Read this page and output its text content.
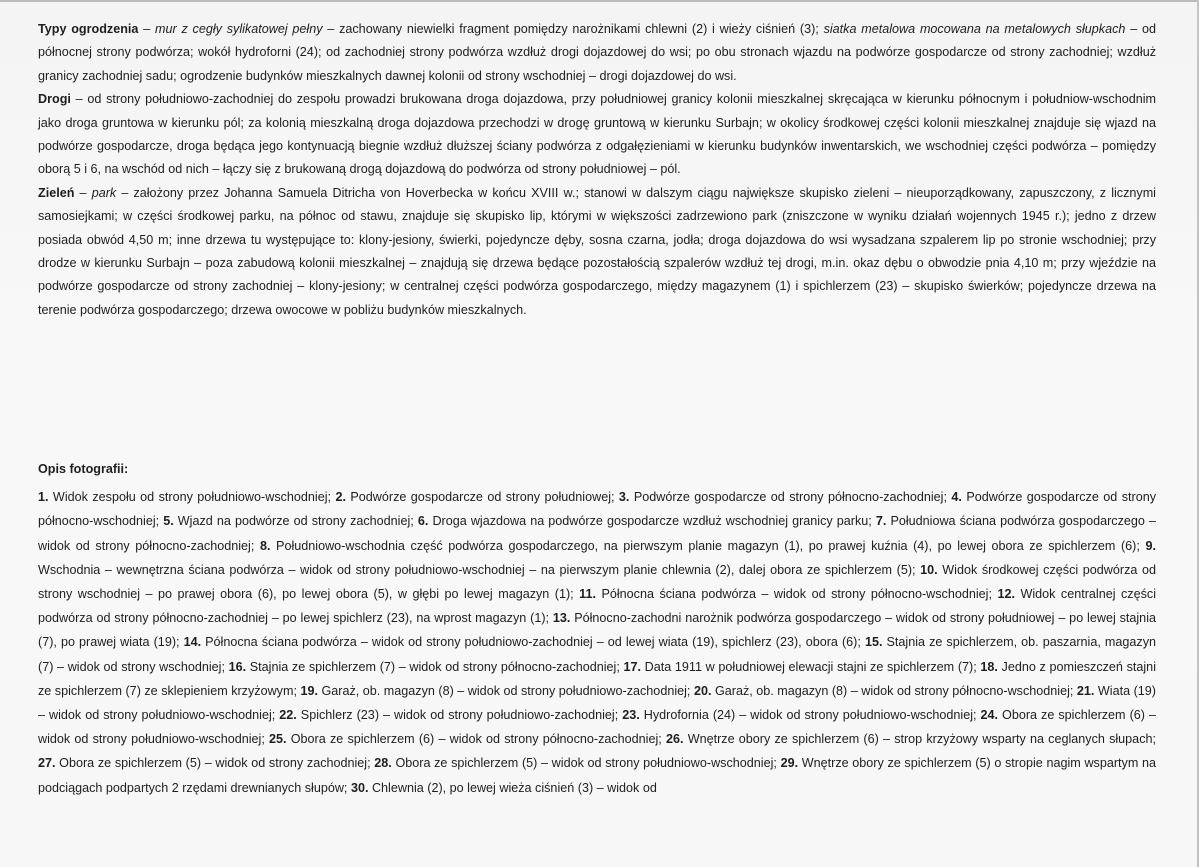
Typy ogrodzenia – mur z cegły sylikatowej pełny – zachowany niewielki fragment pomiędzy narożnikami chlewni (2) i wieży ciśnień (3); siatka metalowa mocowana na metalowych słupkach – od północnej strony podwórza; wokół hydroforni (24); od zachodniej strony podwórza wzdłuż drogi dojazdowej do wsi; po obu stronach wjazdu na podwórze gospodarcze od strony zachodniej; wzdłuż granicy zachodniej sadu; ogrodzenie budynków mieszkalnych dawnej kolonii od strony wschodniej – drogi dojazdowej do wsi.

Drogi – od strony południowo-zachodniej do zespołu prowadzi brukowana droga dojazdowa, przy południowej granicy kolonii mieszkalnej skręcająca w kierunku północnym i południow-wschodnim jako droga gruntowa w kierunku pól; za kolonią mieszkalną droga dojazdowa przechodzi w drogę gruntową w kierunku Surbajn; w okolicy środkowej części kolonii mieszkalnej znajduje się wjazd na podwórze gospodarcze, droga będąca jego kontynuacją biegnie wzdłuż dłuższej ściany podwórza z odgałęzieniami w kierunku budynków inwentarskich, we wschodniej części podwórza – pomiędzy oborą 5 i 6, na wschód od nich – łączy się z brukowaną drogą dojazdową do podwórza od strony południowej – pól.

Zieleń – park – założony przez Johanna Samuela Ditricha von Hoverbecka w końcu XVIII w.; stanowi w dalszym ciągu największe skupisko zieleni – nieuporządkowany, zapuszczony, z licznymi samosiejkami; w części środkowej parku, na północ od stawu, znajduje się skupisko lip, którymi w większości zadrzewiono park (zniszczone w wyniku działań wojennych 1945 r.); jedno z drzew posiada obwód 4,50 m; inne drzewa tu występujące to: klony-jesiony, świerki, pojedyncze dęby, sosna czarna, jodła; droga dojazdowa do wsi wysadzana szpalerem lip po stronie wschodniej; przy drodze w kierunku Surbajn – poza zabudową kolonii mieszkalnej – znajdują się drzewa będące pozostałością szpalerów wzdłuż tej drogi, m.in. okaz dębu o obwodzie pnia 4,10 m; przy wjeździe na podwórze gospodarcze od strony zachodniej – klony-jesiony; w centralnej części podwórza gospodarczego, między magazynem (1) i spichlerzem (23) – skupisko świerków; pojedyncze drzewa na terenie podwórza gospodarczego; drzewa owocowe w pobliżu budynków mieszkalnych.

Opis fotografii:

1. Widok zespołu od strony południowo-wschodniej; 2. Podwórze gospodarcze od strony południowej; 3. Podwórze gospodarcze od strony północno-zachodniej; 4. Podwórze gospodarcze od strony północno-wschodniej; 5. Wjazd na podwórze od strony zachodniej; 6. Droga wjazdowa na podwórze gospodarcze wzdłuż wschodniej granicy parku; 7. Południowa ściana podwórza gospodarczego – widok od strony północno-zachodniej; 8. Południowo-wschodnia część podwórza gospodarczego, na pierwszym planie magazyn (1), po prawej kuźnia (4), po lewej obora ze spichlerzem (6); 9. Wschodnia – wewnętrzna ściana podwórza – widok od strony południowo-wschodniej – na pierwszym planie chlewnia (2), dalej obora ze spichlerzem (5); 10. Widok środkowej części podwórza od strony wschodniej – po prawej obora (6), po lewej obora (5), w głębi po lewej magazyn (1); 11. Północna ściana podwórza – widok od strony północno-wschodniej; 12. Widok centralnej części podwórza od strony północno-zachodniej – po lewej spichlerz (23), na wprost magazyn (1); 13. Północno-zachodni narożnik podwórza gospodarczego – widok od strony południowej – po lewej stajnia (7), po prawej wiata (19); 14. Północna ściana podwórza – widok od strony południowo-zachodniej – od lewej wiata (19), spichlerz (23), obora (6); 15. Stajnia ze spichlerzem, ob. paszarnia, magazyn (7) – widok od strony wschodniej; 16. Stajnia ze spichlerzem (7) – widok od strony północno-zachodniej; 17. Data 1911 w południowej elewacji stajni ze spichlerzem (7); 18. Jedno z pomieszczeń stajni ze spichlerzem (7) ze sklepieniem krzyżowym; 19. Garaż, ob. magazyn (8) – widok od strony południowo-zachodniej; 20. Garaż, ob. magazyn (8) – widok od strony północno-wschodniej; 21. Wiata (19) – widok od strony południowo-wschodniej; 22. Spichlerz (23) – widok od strony południowo-zachodniej; 23. Hydrofornia (24) – widok od strony południowo-wschodniej; 24. Obora ze spichlerzem (6) –widok od strony południowo-wschodniej; 25. Obora ze spichlerzem (6) – widok od strony północno-zachodniej; 26. Wnętrze obory ze spichlerzem (6) – strop krzyżowy wsparty na ceglanych słupach; 27. Obora ze spichlerzem (5) – widok od strony zachodniej; 28. Obora ze spichlerzem (5) – widok od strony południowo-wschodniej; 29. Wnętrze obory ze spichlerzem (5) o stropie nagim wspartym na podciągach podpartych 2 rzędami drewnianych słupów; 30. Chlewnia (2), po lewej wieża ciśnień (3) – widok od
